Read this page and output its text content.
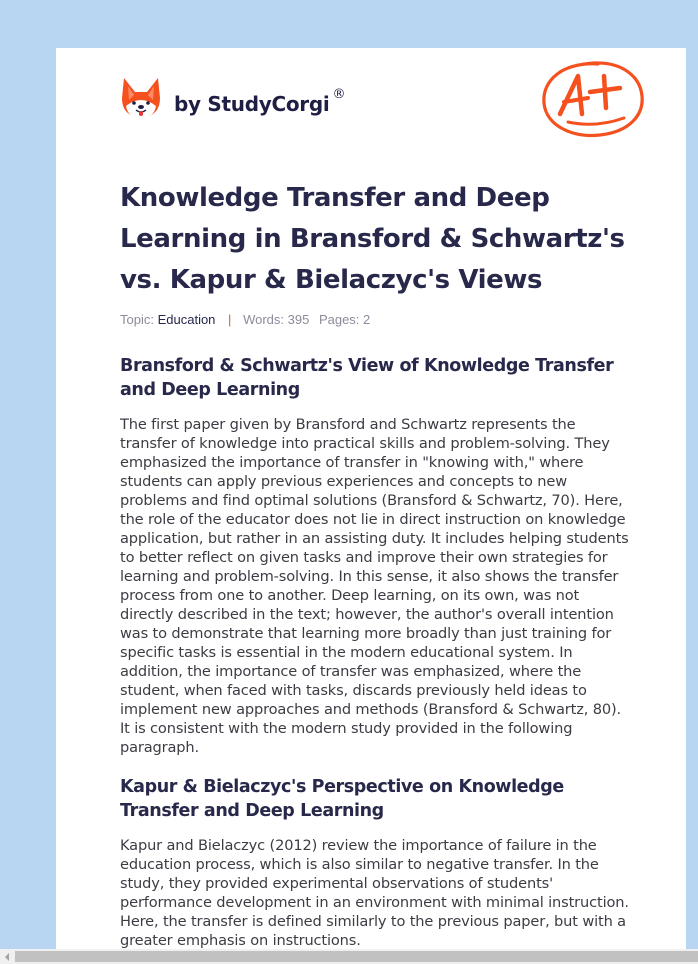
by StudyCorgi ®
Knowledge Transfer and Deep Learning in Bransford & Schwartz's vs. Kapur & Bielaczyc's Views
Topic: Education | Words: 395 Pages: 2
Bransford & Schwartz's View of Knowledge Transfer and Deep Learning

The first paper given by Bransford and Schwartz represents the transfer of knowledge into practical skills and problem-solving. They emphasized the importance of transfer in "knowing with," where students can apply previous experiences and concepts to new problems and find optimal solutions (Bransford & Schwartz, 70). Here, the role of the educator does not lie in direct instruction on knowledge application, but rather in an assisting duty. It includes helping students to better reflect on given tasks and improve their own strategies for learning and problem-solving. In this sense, it also shows the transfer process from one to another. Deep learning, on its own, was not directly described in the text; however, the author's overall intention was to demonstrate that learning more broadly than just training for specific tasks is essential in the modern educational system. In addition, the importance of transfer was emphasized, where the student, when faced with tasks, discards previously held ideas to implement new approaches and methods (Bransford & Schwartz, 80). It is consistent with the modern study provided in the following paragraph.

Kapur & Bielaczyc's Perspective on Knowledge Transfer and Deep Learning

Kapur and Bielaczyc (2012) review the importance of failure in the education process, which is also similar to negative transfer. In the study, they provided experimental observations of students' performance development in an environment with minimal instruction. Here, the transfer is defined similarly to the previous paper, but with a greater emphasis on instructions.
